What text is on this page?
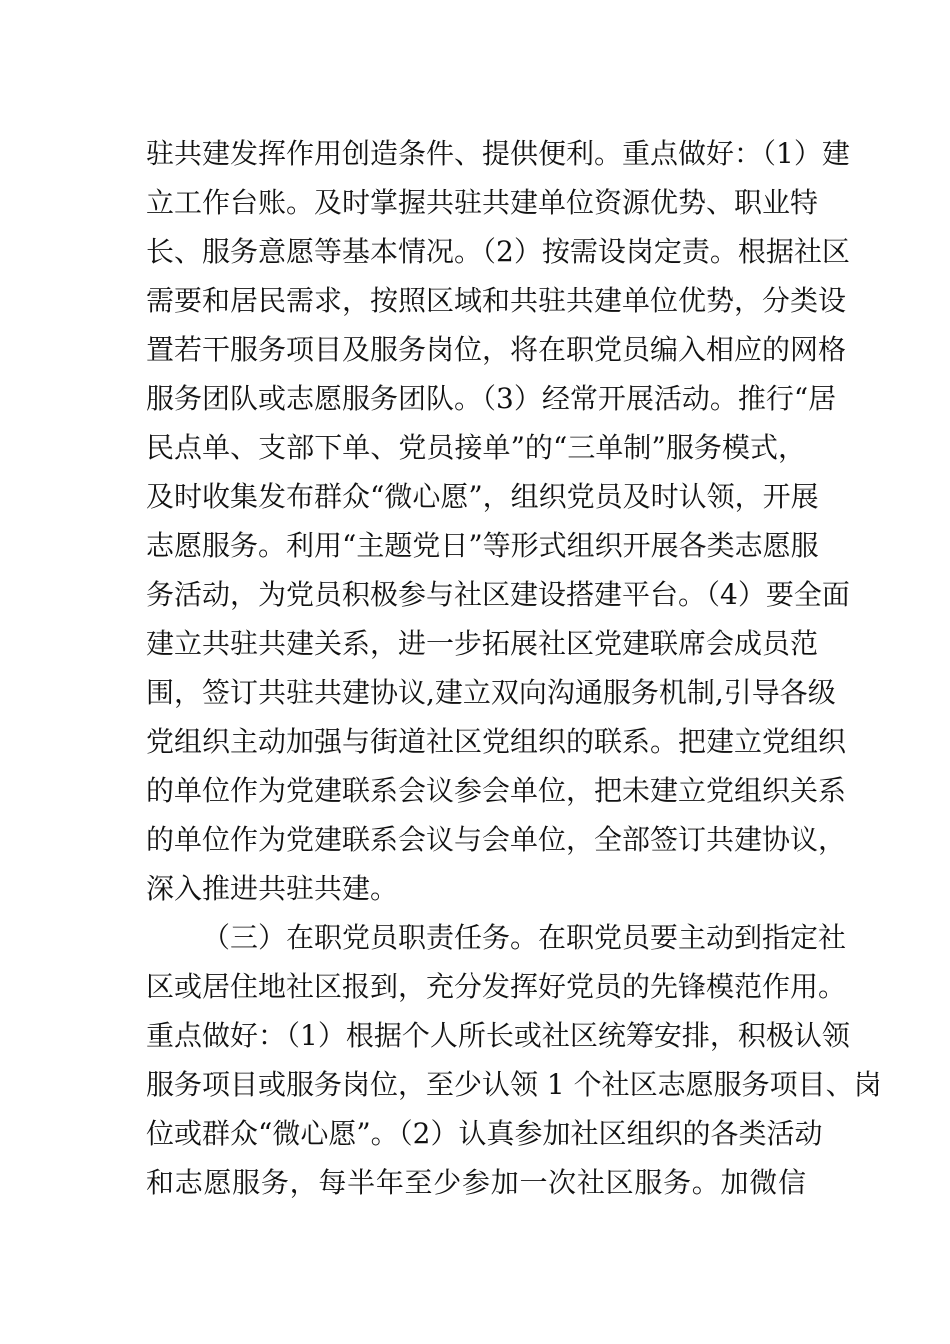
驻共建发挥作用创造条件、提供便利。重点做好：（1）建
立工作台账。及时掌握共驻共建单位资源优势、职业特
长、服务意愿等基本情况。（2）按需设岗定责。根据社区
需要和居民需求，按照区域和共驻共建单位优势，分类设
置若干服务项目及服务岗位，将在职党员编入相应的网格
服务团队或志愿服务团队。（3）经常开展活动。推行“居
民点单、支部下单、党员接单”的“三单制”服务模式，
及时收集发布群众“微心愿”，组织党员及时认领，开展
志愿服务。利用“主题党日”等形式组织开展各类志愿服
务活动，为党员积极参与社区建设搭建平台。（4）要全面
建立共驻共建关系，进一步拓展社区党建联席会成员范
围，签订共驻共建协议,建立双向沟通服务机制,引导各级
党组织主动加强与街道社区党组织的联系。把建立党组织
的单位作为党建联系会议参会单位，把未建立党组织关系
的单位作为党建联系会议与会单位，全部签订共建协议，
深入推进共驻共建。
（三）在职党员职责任务。在职党员要主动到指定社
区或居住地社区报到，充分发挥好党员的先锋模范作用。
重点做好：（1）根据个人所长或社区统筹安排，积极认领
服务项目或服务岗位，至少认领 1 个社区志愿服务项目、岗
位或群众“微心愿”。（2）认真参加社区组织的各类活动
和志愿服务，每半年至少参加一次社区服务。加微信
